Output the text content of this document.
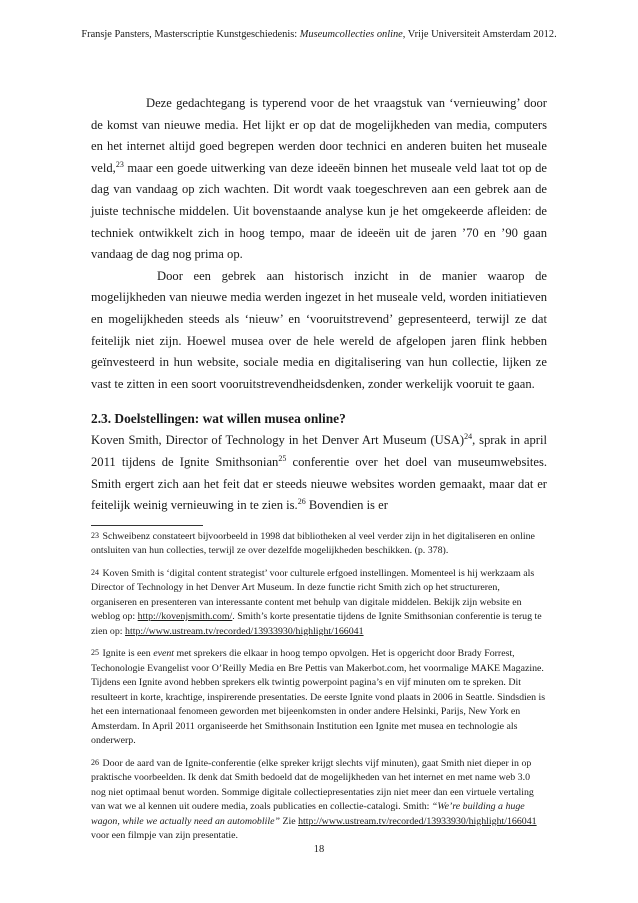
Fransje Pansters, Masterscriptie Kunstgeschiedenis: Museumcollecties online, Vrije Universiteit Amsterdam 2012.

Deze gedachtegang is typerend voor de het vraagstuk van ‘vernieuwing’ door de komst van nieuwe media. Het lijkt er op dat de mogelijkheden van media, computers en het internet altijd goed begrepen werden door technici en anderen buiten het museale veld,$^{23}$ maar een goede uitwerking van deze ideeën binnen het museale veld laat tot op de dag van vandaag op zich wachten. Dit wordt vaak toegeschreven aan een gebrek aan de juiste technische middelen. Uit bovenstaande analyse kun je het omgekeerde afleiden: de techniek ontwikkelt zich in hoog tempo, maar de ideeën uit de jaren ’70 en ’90 gaan vandaag de dag nog prima op.

Door een gebrek aan historisch inzicht in de manier waarop de mogelijkheden van nieuwe media werden ingezet in het museale veld, worden initiatieven en mogelijkheden steeds als ‘nieuw’ en ‘vooruitstrevend’ gepresenteerd, terwijl ze dat feitelijk niet zijn. Hoewel musea over de hele wereld de afgelopen jaren flink hebben geïnvesteerd in hun website, sociale media en digitalisering van hun collectie, lijken ze vast te zitten in een soort vooruitstrevendheidsdenken, zonder werkelijk vooruit te gaan.

2.3. Doelstellingen: wat willen musea online?

Koven Smith, Director of Technology in het Denver Art Museum (USA)$^{24}$, sprak in april 2011 tijdens de Ignite Smithsonian$^{25}$ conferentie over het doel van museumwebsites. Smith ergert zich aan het feit dat er steeds nieuwe websites worden gemaakt, maar dat er feitelijk weinig vernieuwing in te zien is.$^{26}$ Bovendien is er

23 Schweibenz constateert bijvoorbeeld in 1998 dat bibliotheken al veel verder zijn in het digitaliseren en online ontsluiten van hun collecties, terwijl ze over dezelfde mogelijkheden beschikken. (p. 378).

24 Koven Smith is ‘digital content strategist’ voor culturele erfgoed instellingen. Momenteel is hij werkzaam als Director of Technology in het Denver Art Museum. In deze functie richt Smith zich op het structureren, organiseren en presenteren van interessante content met behulp van digitale middelen. Bekijk zijn website en weblog op: http://kovenjsmith.com/. Smith’s korte presentatie tijdens de Ignite Smithsonian conferentie is terug te zien op: http://www.ustream.tv/recorded/13933930/highlight/166041

25 Ignite is een event met sprekers die elkaar in hoog tempo opvolgen. Het is opgericht door Brady Forrest, Techonologie Evangelist voor O’Reilly Media en Bre Pettis van Makerbot.com, het voormalige MAKE Magazine. Tijdens een Ignite avond hebben sprekers elk twintig powerpoint pagina’s en vijf minuten om te spreken. Dit resulteert in korte, krachtige, inspirerende presentaties. De eerste Ignite vond plaats in 2006 in Seattle. Sindsdien is het een internationaal fenomeen geworden met bijeenkomsten in onder andere Helsinki, Parijs, New York en Amsterdam. In April 2011 organiseerde het Smithsonain Institution een Ignite met musea en technologie als onderwerp.

26 Door de aard van de Ignite-conferentie (elke spreker krijgt slechts vijf minuten), gaat Smith niet dieper in op praktische voorbeelden. Ik denk dat Smith bedoeld dat de mogelijkheden van het internet en met name web 3.0 nog niet optimaal benut worden. Sommige digitale collectiepresentaties zijn niet meer dan een virtuele vertaling van wat we al kennen uit oudere media, zoals publicaties en collectie-catalogi. Smith: “We’re building a huge wagon, while we actually need an automoblile” Zie http://www.ustream.tv/recorded/13933930/highlight/166041 voor een filmpje van zijn presentatie.

18
